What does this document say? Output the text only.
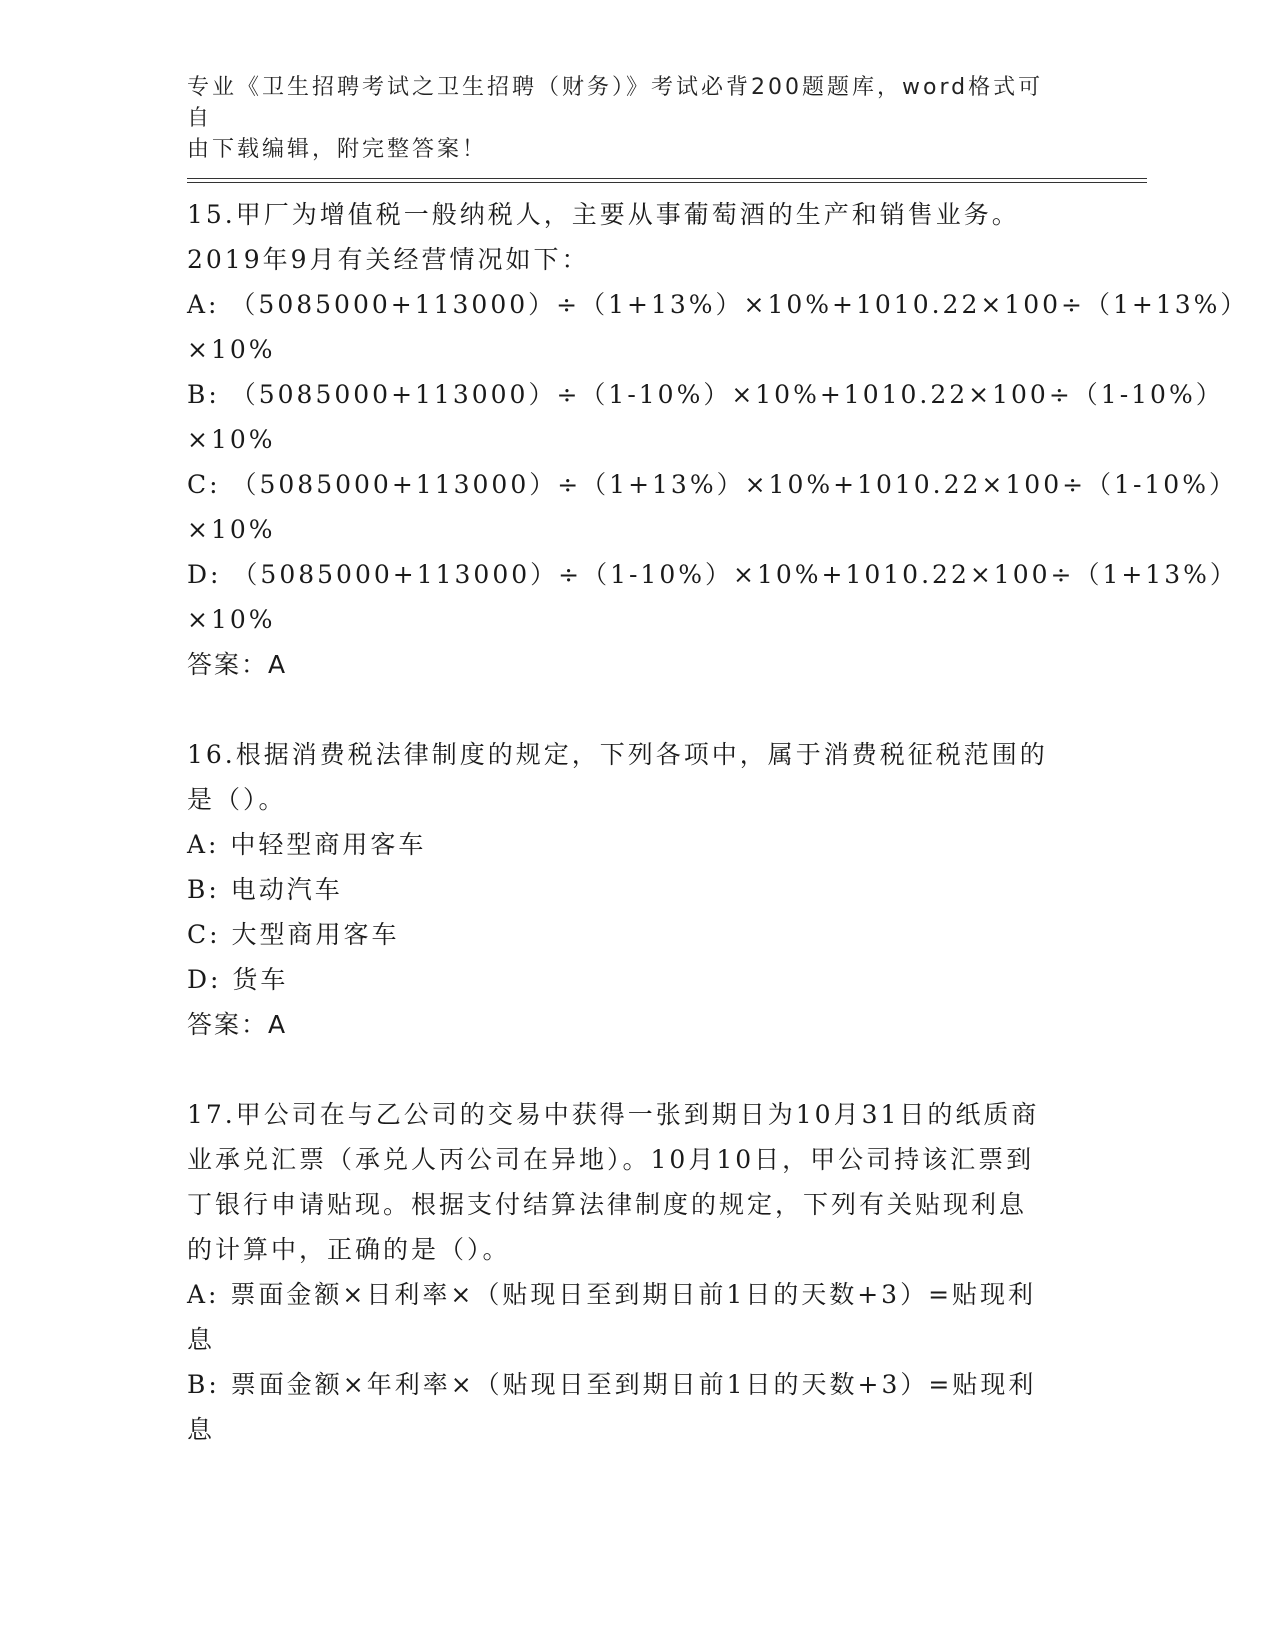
专业《卫生招聘考试之卫生招聘（财务）》考试必背200题题库，word格式可自
由下载编辑，附完整答案！
15.甲厂为增值税一般纳税人，主要从事葡萄酒的生产和销售业务。
2019年9月有关经营情况如下：
A: （5085000+113000）÷（1+13%）×10%+1010.22×100÷（1+13%）
×10%
B: （5085000+113000）÷（1-10%）×10%+1010.22×100÷（1-10%）
×10%
C: （5085000+113000）÷（1+13%）×10%+1010.22×100÷（1-10%）
×10%
D: （5085000+113000）÷（1-10%）×10%+1010.22×100÷（1+13%）
×10%
答案：A
16.根据消费税法律制度的规定，下列各项中，属于消费税征税范围的
是（）。
A: 中轻型商用客车
B: 电动汽车
C: 大型商用客车
D: 货车
答案：A
17.甲公司在与乙公司的交易中获得一张到期日为10月31日的纸质商
业承兑汇票（承兑人丙公司在异地）。10月10日，甲公司持该汇票到
丁银行申请贴现。根据支付结算法律制度的规定，下列有关贴现利息
的计算中，正确的是（）。
A: 票面金额×日利率×（贴现日至到期日前1日的天数+3）=贴现利
息
B: 票面金额×年利率×（贴现日至到期日前1日的天数+3）=贴现利
息
